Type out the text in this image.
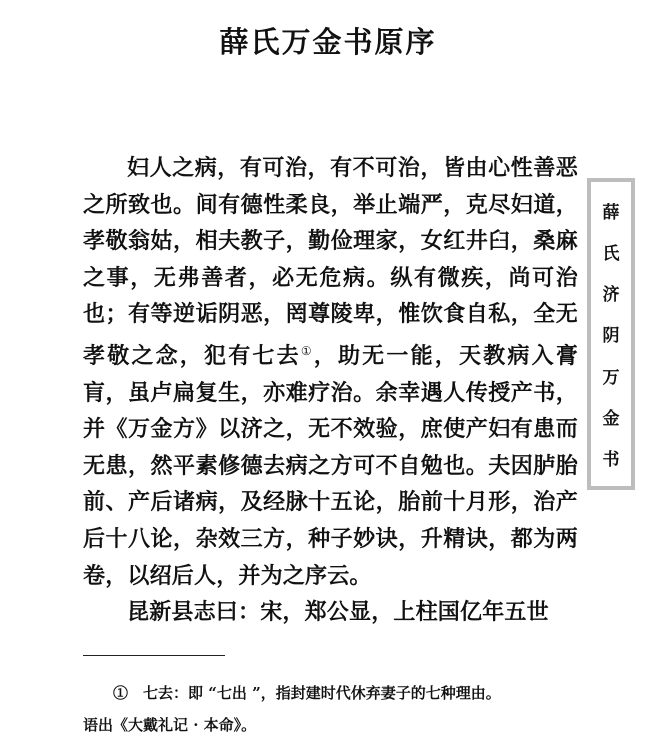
薛氏万金书原序

妇人之病，有可治，有不可治，皆由心性善恶之所致也。间有德性柔良，举止端严，克尽妇道，孝敬翁姑，相夫教子，勤俭理家，女红井臼，桑麻之事，无弗善者，必无危病。纵有微疾，尚可治也；有等逆诟阴恶，罔尊陵卑，惟饮食自私，全无孝敬之念，犯有七去①，助无一能，天教病入膏肓，虽卢扁复生，亦难疗治。余幸遇人传授产书，并《万金方》以济之，无不效验，庶使产妇有患而无患，然平素修德去病之方可不自勉也。夫因胪胎前、产后诸病，及经脉十五论，胎前十月形，治产后十八论，杂效三方，种子妙诀，升精诀，都为两卷，以绍后人，并为之序云。

昆新县志曰：宋，郑公显，上柱国亿年五世

薛
氏
济
阴
万
金
书

①　七去：即 “七出 ”，指封建时代休弃妻子的七种理由。

语出《大戴礼记 · 本命》。
